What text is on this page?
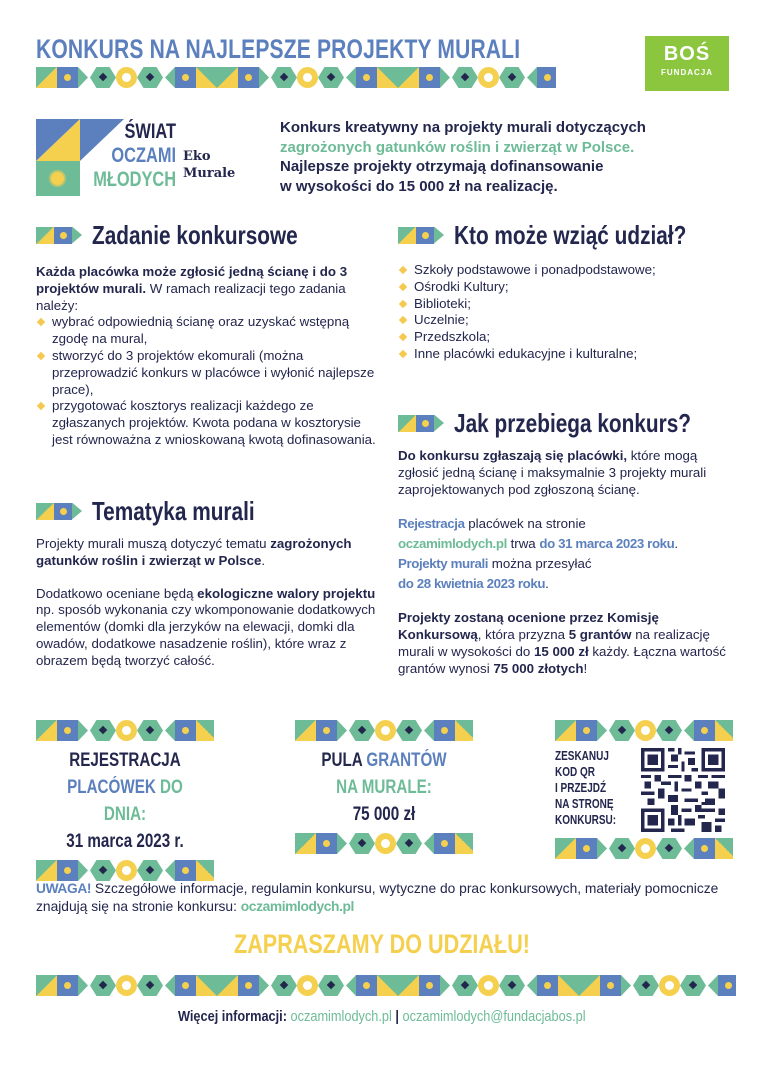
KONKURS NA NAJLEPSZE PROJEKTY MURALI	BOŚ
FUNDACJA
ŚWIAT
OCZAMI
MŁODYCH
Eko
Murale
Konkurs kreatywny na projekty murali dotyczących
zagrożonych gatunków roślin i zwierząt w Polsce.
Najlepsze projekty otrzymają dofinansowanie
w wysokości do 15 000 zł na realizację.
Zadanie konkursowe

Każda placówka może zgłosić jedną ścianę i do 3 projektów murali. W ramach realizacji tego zadania należy:

wybrać odpowiednią ścianę oraz uzyskać wstępną zgodę na mural,
stworzyć do 3 projektów ekomurali (można przeprowadzić konkurs w placówce i wyłonić najlepsze prace),
przygotować kosztorys realizacji każdego ze zgłaszanych projektów. Kwota podana w kosztorysie jest równoważna z wnioskowaną kwotą dofinasowania.
Tematyka murali

Projekty murali muszą dotyczyć tematu zagrożonych gatunków roślin i zwierząt w Polsce.

Dodatkowo oceniane będą ekologiczne walory projektu np. sposób wykonania czy wkomponowanie dodatkowych elementów (domki dla jerzyków na elewacji, domki dla owadów, dodatkowe nasadzenie roślin), które wraz z obrazem będą tworzyć całość.

Kto może wziąć udział?
Szkoły podstawowe i ponadpodstawowe;
Ośrodki Kultury;
Biblioteki;
Uczelnie;
Przedszkola;
Inne placówki edukacyjne i kulturalne;
Jak przebiega konkurs?

Do konkursu zgłaszają się placówki, które mogą zgłosić jedną ścianę i maksymalnie 3 projekty murali zaprojektowanych pod zgłoszoną ścianę.

Rejestracja placówek na stronie
oczamimlodych.pl trwa do 31 marca 2023 roku.
Projekty murali można przesyłać
do 28 kwietnia 2023 roku.

Projekty zostaną ocenione przez Komisję Konkursową, która przyzna 5 grantów na realizację murali w wysokości do 15 000 zł każdy. Łączna wartość grantów wynosi 75 000 złotych!

REJESTRACJA
PLACÓWEK DO DNIA:
31 marca 2023 r.
PULA GRANTÓW
NA MURALE:
75 000 zł
ZESKANUJ
KOD QR
I PRZEJDŹ
NA STRONĘ
KONKURSU:
UWAGA! Szczegółowe informacje, regulamin konkursu, wytyczne do prac konkursowych, materiały pomocnicze znajdują się na stronie konkursu: oczamimlodych.pl
ZAPRASZAMY DO UDZIAŁU!
Więcej informacji: oczamimlodych.pl | oczamimlodych@fundacjabos.pl
